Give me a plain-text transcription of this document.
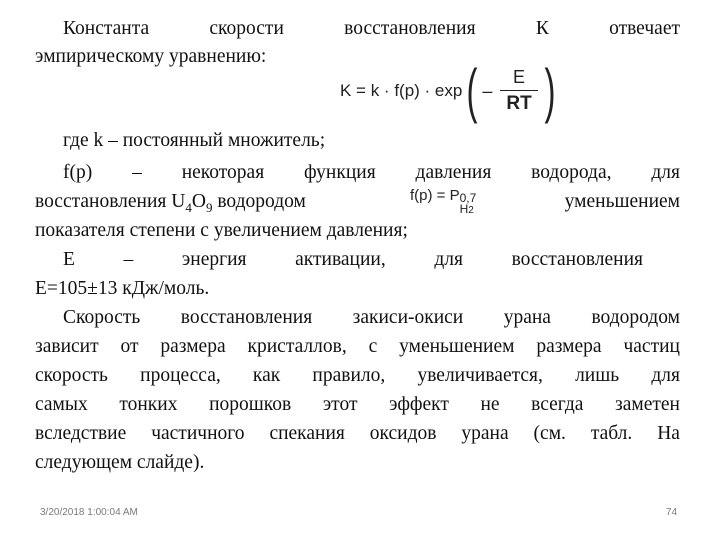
Константа	скорости	восстановления	К	отвечает
эмпирическому уравнению:
K = k · f(p) · exp ( – $\frac{E}{RT}$ )
где k – постоянный множитель;
f(p) – некоторая функция давления водорода, для
восстановления $U_4O_9$ водородом	f(p) = P 0,7
H2	уменьшением
показателя степени с увеличением давления;
Е – энергия активации, для восстановления
Е=105±13 кДж/моль.
Скорость восстановления закиси-окиси урана водородом
зависит от размера кристаллов, с уменьшением размера частиц
скорость процесса, как правило, увеличивается, лишь для
самых тонких порошков этот эффект не всегда заметен
вследствие частичного спекания оксидов урана (см. табл. На
следующем слайде).
3/20/2018 1:00:04 AM	74
